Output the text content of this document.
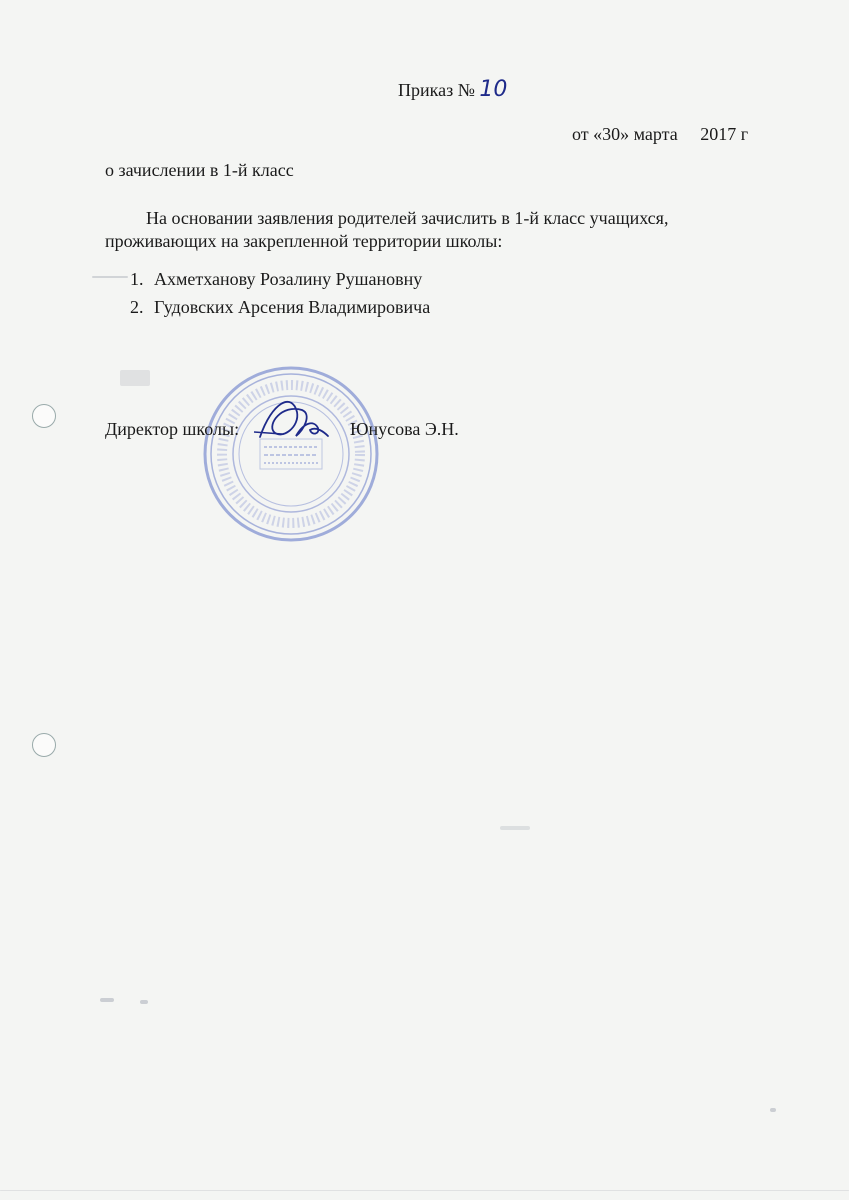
Приказ № 10
от «30» марта     2017 г
о зачислении в 1-й класс
На основании заявления родителей зачислить в 1-й класс учащихся,
проживающих на закрепленной территории школы:
1. Ахметханову Розалину Рушановну
2. Гудовских Арсения Владимировича
Директор школы:	Юнусова Э.Н.
